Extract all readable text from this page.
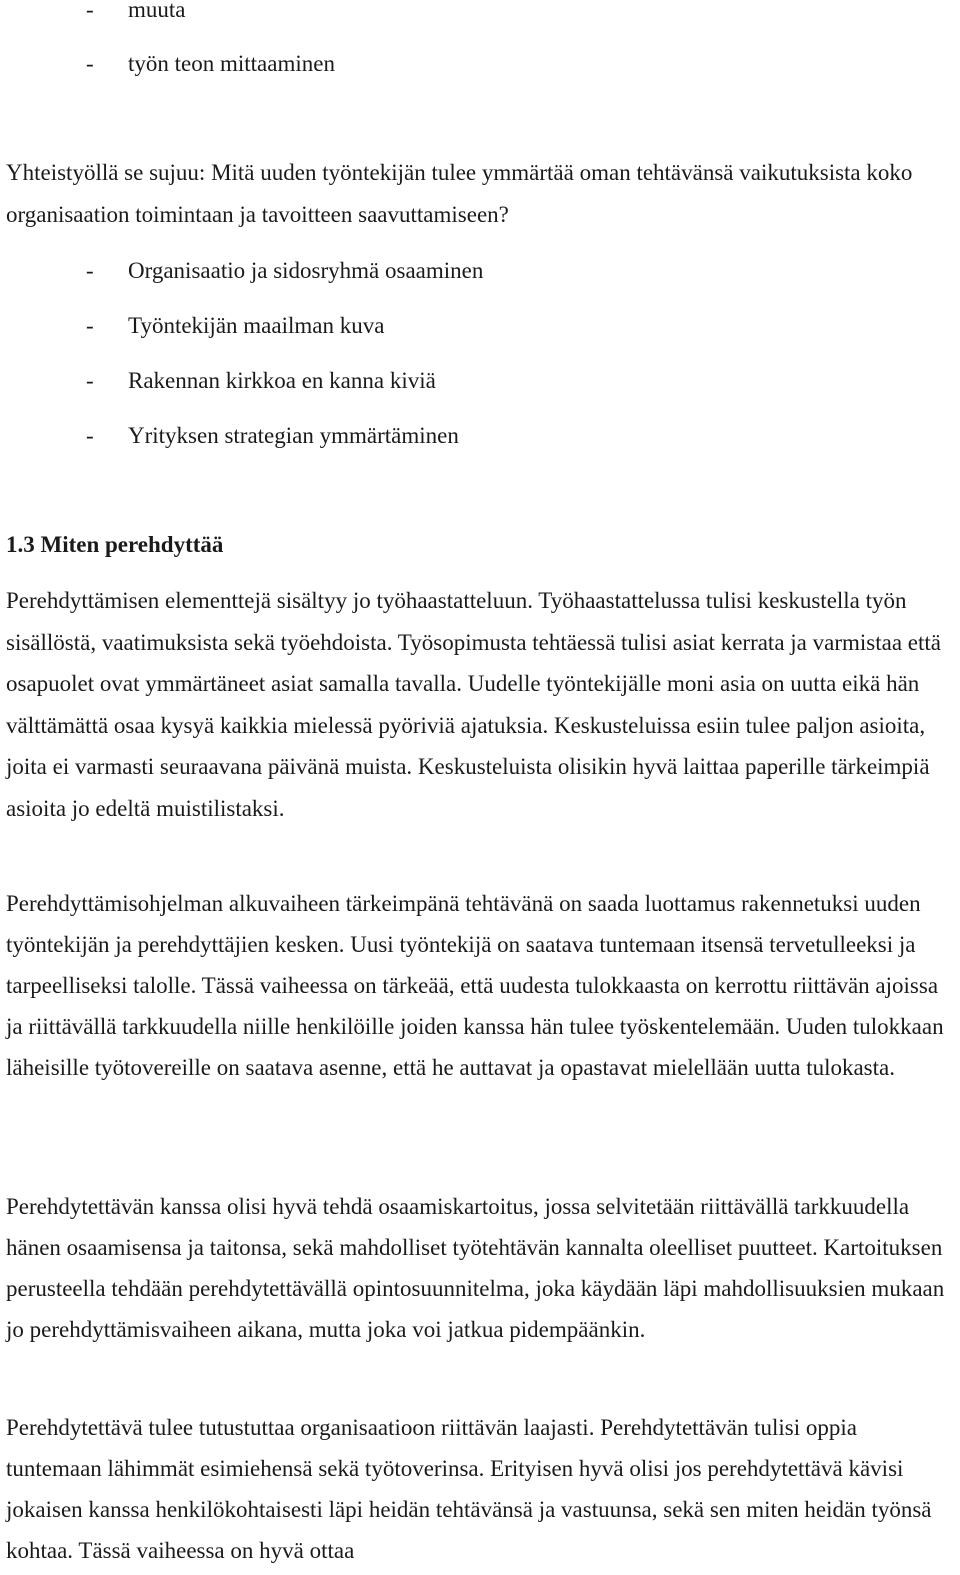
- muuta
- työn teon mittaaminen

Yhteistyöllä se sujuu: Mitä uuden työntekijän tulee ymmärtää oman tehtävänsä vaikutuksista koko organisaation toimintaan ja tavoitteen saavuttamiseen?

- Organisaatio ja sidosryhmä osaaminen
- Työntekijän maailman kuva
- Rakennan kirkkoa en kanna kiviä
- Yrityksen strategian ymmärtäminen
1.3 Miten perehdyttää

Perehdyttämisen elementtejä sisältyy jo työhaastatteluun. Työhaastattelussa tulisi keskustella työn sisällöstä, vaatimuksista sekä työehdoista. Työsopimusta tehtäessä tulisi asiat kerrata ja varmistaa että osapuolet ovat ymmärtäneet asiat samalla tavalla. Uudelle työntekijälle moni asia on uutta eikä hän välttämättä osaa kysyä kaikkia mielessä pyöriviä ajatuksia. Keskusteluissa esiin tulee paljon asioita, joita ei varmasti seuraavana päivänä muista. Keskusteluista olisikin hyvä laittaa paperille tärkeimpiä asioita jo edeltä muistilistaksi.

Perehdyttämisohjelman alkuvaiheen tärkeimpänä tehtävänä on saada luottamus rakennetuksi uuden työntekijän ja perehdyttäjien kesken. Uusi työntekijä on saatava tuntemaan itsensä tervetulleeksi ja tarpeelliseksi talolle. Tässä vaiheessa on tärkeää, että uudesta tulokkaasta on kerrottu riittävän ajoissa ja riittävällä tarkkuudella niille henkilöille joiden kanssa hän tulee työskentelemään. Uuden tulokkaan läheisille työtovereille on saatava asenne, että he auttavat ja opastavat mielellään uutta tulokasta.

Perehdytettävän kanssa olisi hyvä tehdä osaamiskartoitus, jossa selvitetään riittävällä tarkkuudella hänen osaamisensa ja taitonsa, sekä mahdolliset työtehtävän kannalta oleelliset puutteet. Kartoituksen perusteella tehdään perehdytettävällä opintosuunnitelma, joka käydään läpi mahdollisuuksien mukaan jo perehdyttämisvaiheen aikana, mutta joka voi jatkua pidempäänkin.

Perehdytettävä tulee tutustuttaa organisaatioon riittävän laajasti. Perehdytettävän tulisi oppia tuntemaan lähimmät esimiehensä sekä työtoverinsa. Erityisen hyvä olisi jos perehdytettävä kävisi jokaisen kanssa henkilökohtaisesti läpi heidän tehtävänsä ja vastuunsa, sekä sen miten heidän työnsä kohtaa. Tässä vaiheessa on hyvä ottaa
